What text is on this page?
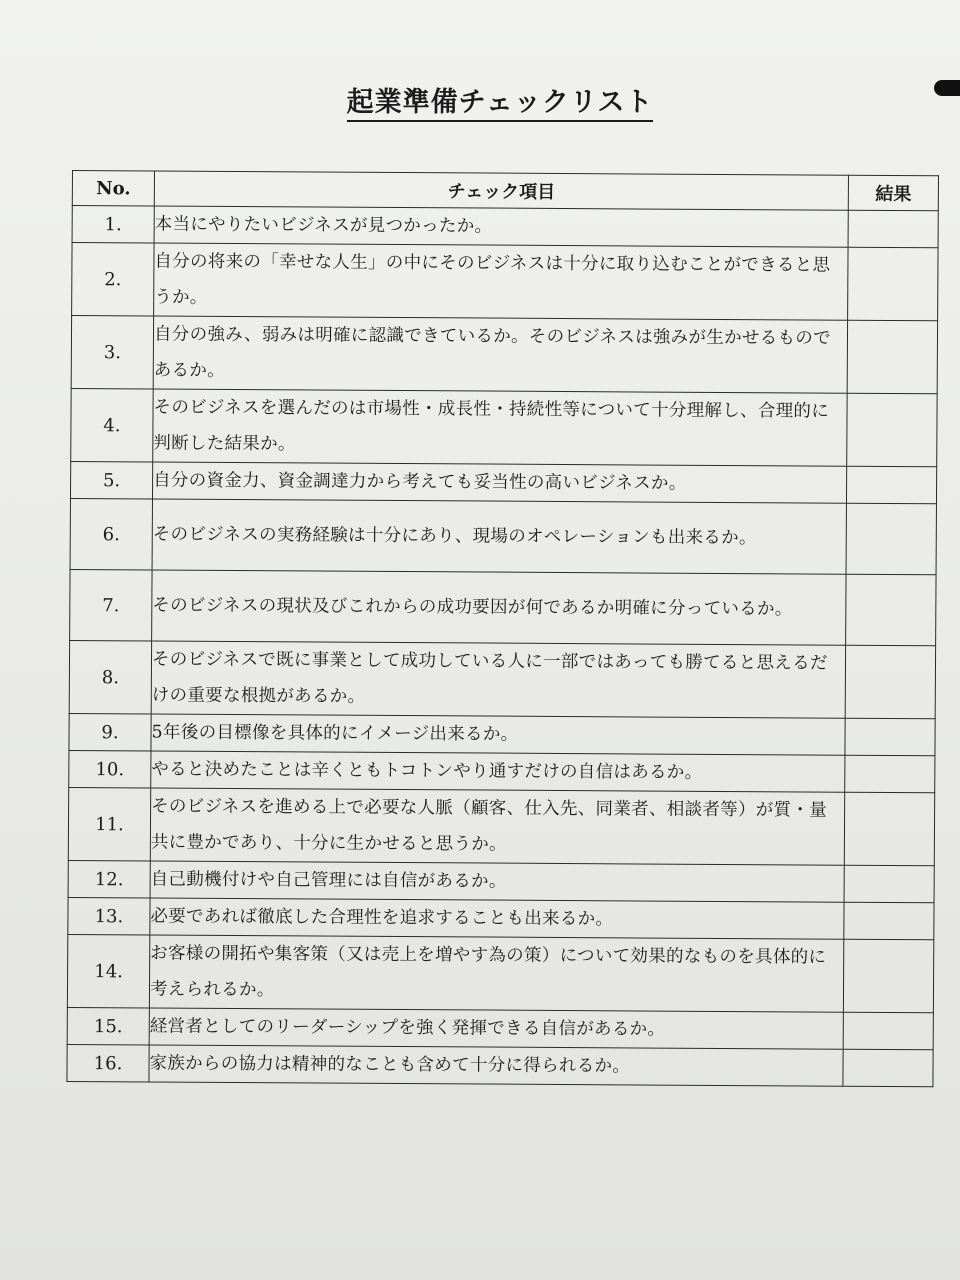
起業準備チェックリスト
No.	チェック項目	結果
1.	本当にやりたいビジネスが見つかったか。	
2.	自分の将来の「幸せな人生」の中にそのビジネスは十分に取り込むことができると思うか。	
3.	自分の強み、弱みは明確に認識できているか。そのビジネスは強みが生かせるものであるか。	
4.	そのビジネスを選んだのは市場性・成長性・持続性等について十分理解し、合理的に判断した結果か。	
5.	自分の資金力、資金調達力から考えても妥当性の高いビジネスか。	
6.	そのビジネスの実務経験は十分にあり、現場のオペレーションも出来るか。	
7.	そのビジネスの現状及びこれからの成功要因が何であるか明確に分っているか。	
8.	そのビジネスで既に事業として成功している人に一部ではあっても勝てると思えるだけの重要な根拠があるか。	
9.	5年後の目標像を具体的にイメージ出来るか。	
10.	やると決めたことは辛くともトコトンやり通すだけの自信はあるか。	
11.	そのビジネスを進める上で必要な人脈（顧客、仕入先、同業者、相談者等）が質・量共に豊かであり、十分に生かせると思うか。	
12.	自己動機付けや自己管理には自信があるか。	
13.	必要であれば徹底した合理性を追求することも出来るか。	
14.	お客様の開拓や集客策（又は売上を増やす為の策）について効果的なものを具体的に考えられるか。	
15.	経営者としてのリーダーシップを強く発揮できる自信があるか。	
16.	家族からの協力は精神的なことも含めて十分に得られるか。	
